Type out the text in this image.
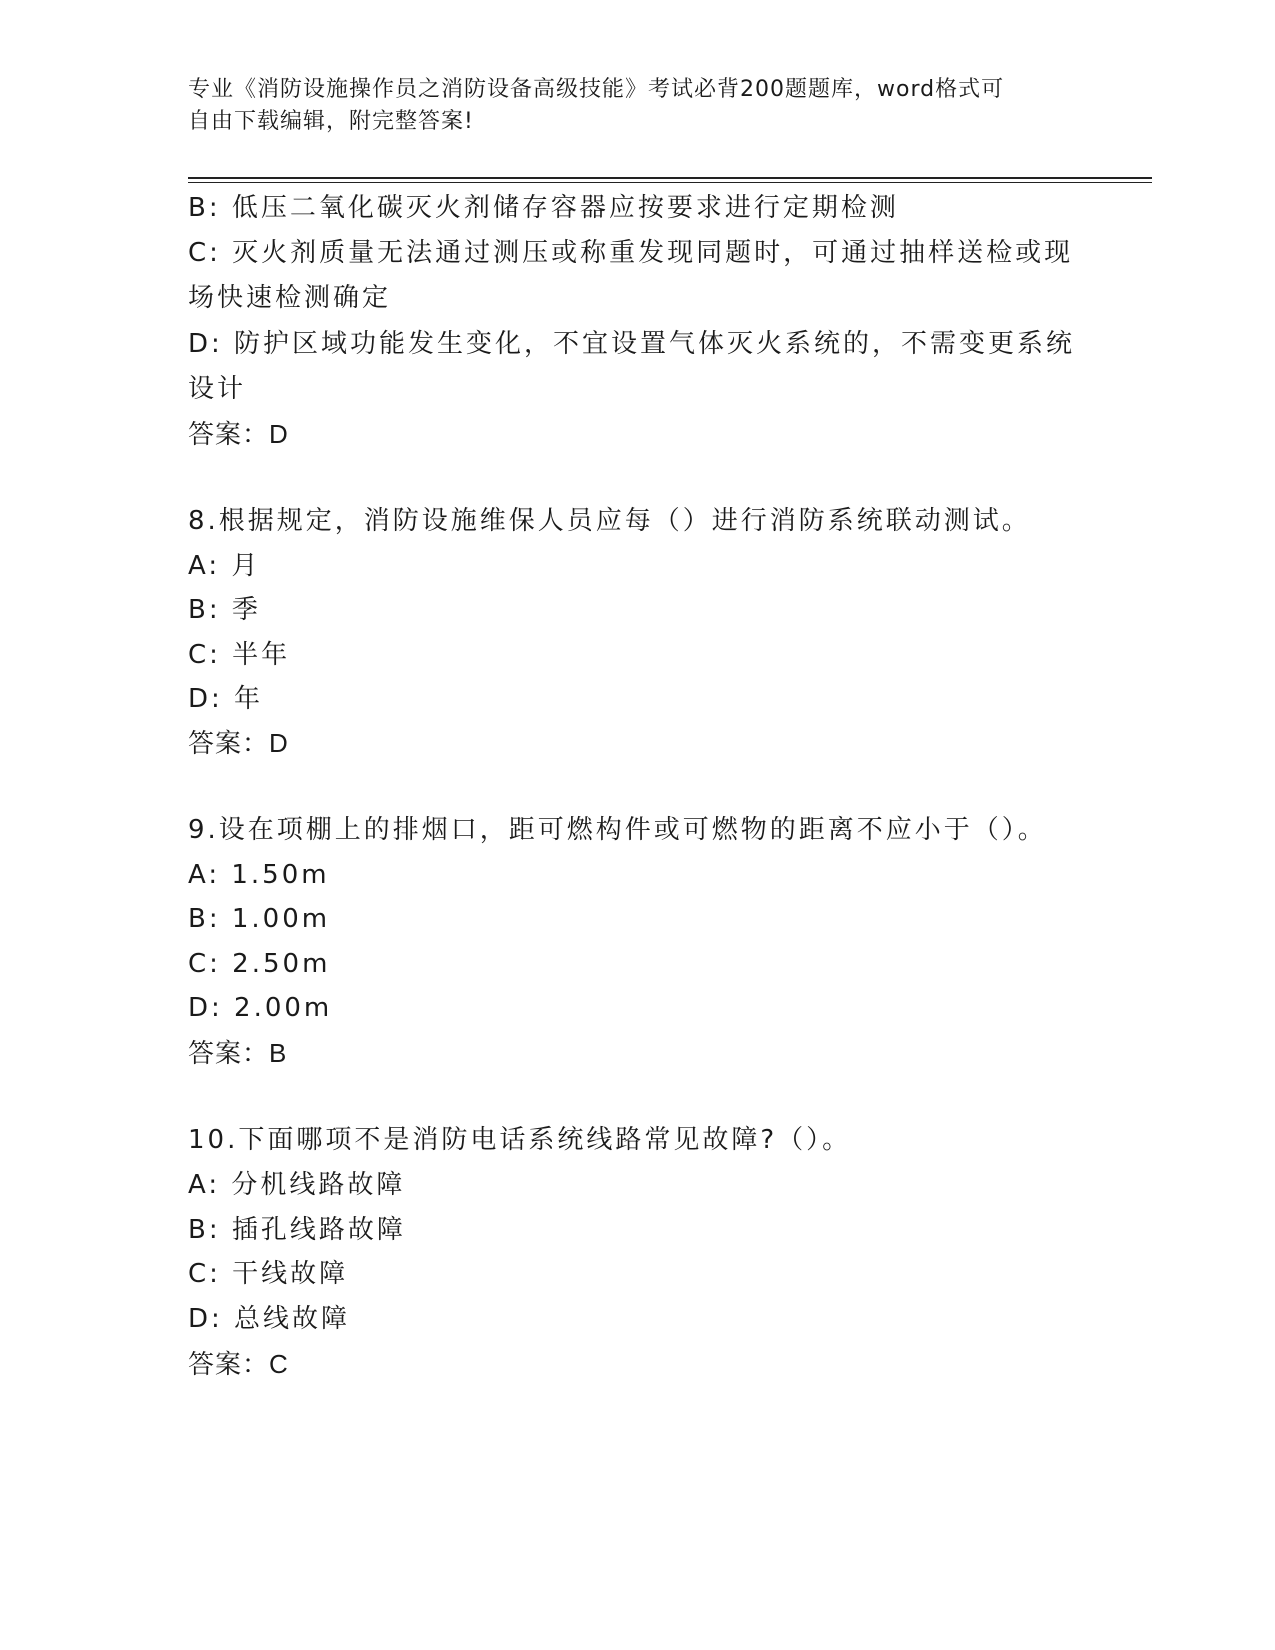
专业《消防设施操作员之消防设备高级技能》考试必背200题题库，word格式可
自由下载编辑，附完整答案!
B: 低压二氧化碳灭火剂储存容器应按要求进行定期检测
C: 灭火剂质量无法通过测压或称重发现同题时，可通过抽样送检或现
场快速检测确定
D: 防护区域功能发生变化，不宜设置气体灭火系统的，不需变更系统
设计
答案：D
8.根据规定，消防设施维保人员应每（）进行消防系统联动测试。
A: 月
B: 季
C: 半年
D: 年
答案：D
9.设在项棚上的排烟口，距可燃构件或可燃物的距离不应小于（）。
A: 1.50m
B: 1.00m
C: 2.50m
D: 2.00m
答案：B
10.下面哪项不是消防电话系统线路常见故障?（）。
A: 分机线路故障
B: 插孔线路故障
C: 干线故障
D: 总线故障
答案：C
